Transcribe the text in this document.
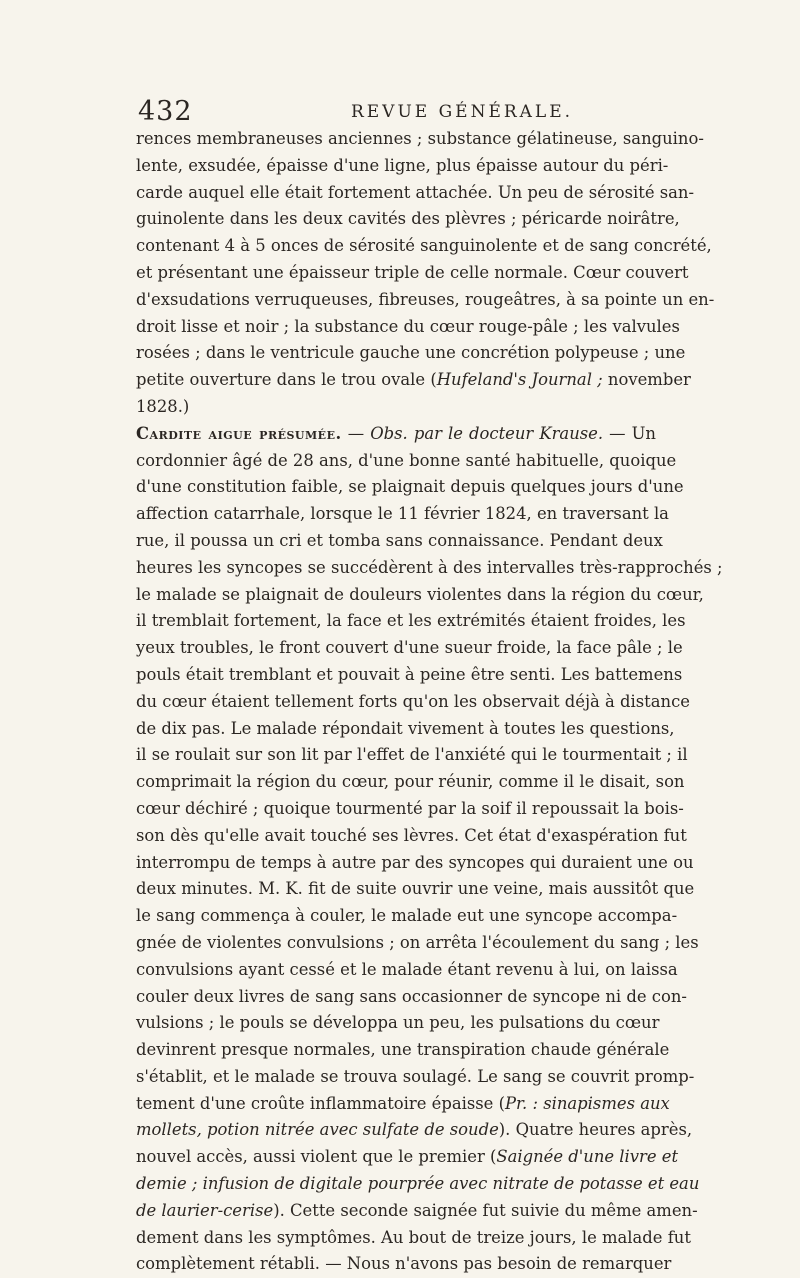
432	REVUE GÉNÉRALE.
rences membraneuses anciennes ; substance gélatineuse, sanguino-
lente, exsudée, épaisse d'une ligne, plus épaisse autour du péri-
carde auquel elle était fortement attachée. Un peu de sérosité san-
guinolente dans les deux cavités des plèvres ; péricarde noirâtre,
contenant 4 à 5 onces de sérosité sanguinolente et de sang concrété,
et présentant une épaisseur triple de celle normale. Cœur couvert
d'exsudations verruqueuses, fibreuses, rougeâtres, à sa pointe un en-
droit lisse et noir ; la substance du cœur rouge-pâle ; les valvules
rosées ; dans le ventricule gauche une concrétion polypeuse ; une
petite ouverture dans le trou ovale (Hufeland's Journal ; november
1828.)
Cardite aigue présumée. — Obs. par le docteur Krause. — Un
cordonnier âgé de 28 ans, d'une bonne santé habituelle, quoique
d'une constitution faible, se plaignait depuis quelques jours d'une
affection catarrhale, lorsque le 11 février 1824, en traversant la
rue, il poussa un cri et tomba sans connaissance. Pendant deux
heures les syncopes se succédèrent à des intervalles très-rapprochés ;
le malade se plaignait de douleurs violentes dans la région du cœur,
il tremblait fortement, la face et les extrémités étaient froides, les
yeux troubles, le front couvert d'une sueur froide, la face pâle ; le
pouls était tremblant et pouvait à peine être senti. Les battemens
du cœur étaient tellement forts qu'on les observait déjà à distance
de dix pas. Le malade répondait vivement à toutes les questions,
il se roulait sur son lit par l'effet de l'anxiété qui le tourmentait ; il
comprimait la région du cœur, pour réunir, comme il le disait, son
cœur déchiré ; quoique tourmenté par la soif il repoussait la bois-
son dès qu'elle avait touché ses lèvres. Cet état d'exaspération fut
interrompu de temps à autre par des syncopes qui duraient une ou
deux minutes. M. K. fit de suite ouvrir une veine, mais aussitôt que
le sang commença à couler, le malade eut une syncope accompa-
gnée de violentes convulsions ; on arrêta l'écoulement du sang ; les
convulsions ayant cessé et le malade étant revenu à lui, on laissa
couler deux livres de sang sans occasionner de syncope ni de con-
vulsions ; le pouls se développa un peu, les pulsations du cœur
devinrent presque normales, une transpiration chaude générale
s'établit, et le malade se trouva soulagé. Le sang se couvrit promp-
tement d'une croûte inflammatoire épaisse (Pr. : sinapismes aux
mollets, potion nitrée avec sulfate de soude). Quatre heures après,
nouvel accès, aussi violent que le premier (Saignée d'une livre et
demie ; infusion de digitale pourprée avec nitrate de potasse et eau
de laurier-cerise). Cette seconde saignée fut suivie du même amen-
dement dans les symptômes. Au bout de treize jours, le malade fut
complètement rétabli. — Nous n'avons pas besoin de remarquer
